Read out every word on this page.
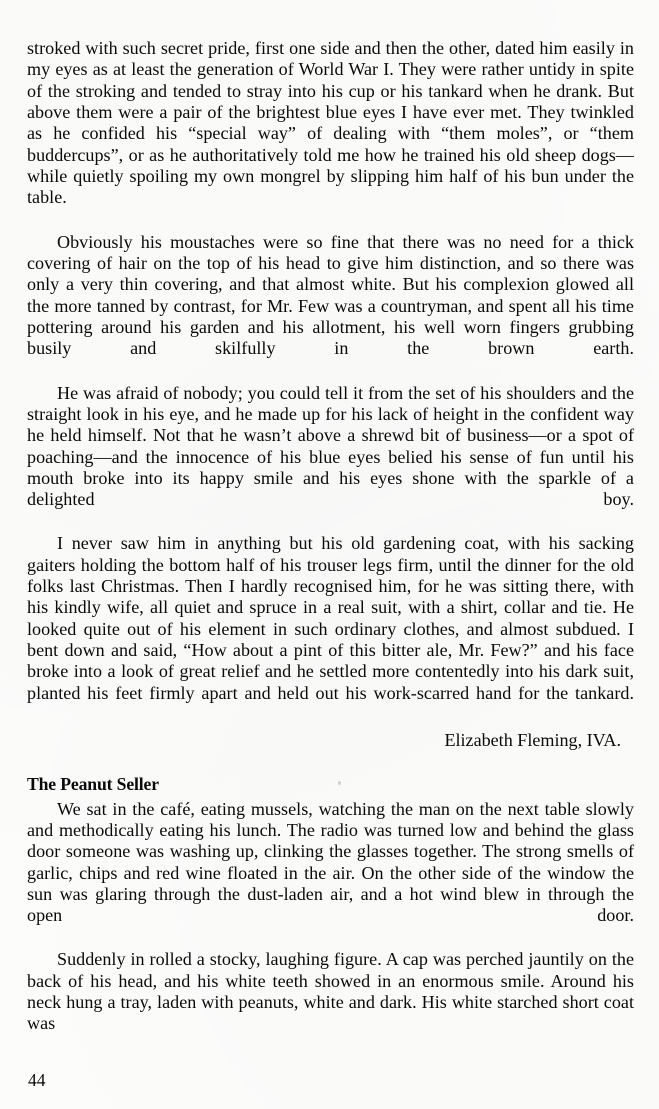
stroked with such secret pride, first one side and then the other, dated him easily in my eyes as at least the generation of World War I. They were rather untidy in spite of the stroking and tended to stray into his cup or his tankard when he drank. But above them were a pair of the brightest blue eyes I have ever met. They twinkled as he confided his “special way” of dealing with “them moles”, or “them buddercups”, or as he authoritatively told me how he trained his old sheep dogs—while quietly spoiling my own mongrel by slipping him half of his bun under the table.

Obviously his moustaches were so fine that there was no need for a thick covering of hair on the top of his head to give him distinction, and so there was only a very thin covering, and that almost white. But his complexion glowed all the more tanned by contrast, for Mr. Few was a countryman, and spent all his time pottering around his garden and his allotment, his well worn fingers grubbing busily and skilfully in the brown earth.

He was afraid of nobody; you could tell it from the set of his shoulders and the straight look in his eye, and he made up for his lack of height in the confident way he held himself. Not that he wasn’t above a shrewd bit of business—or a spot of poaching—and the innocence of his blue eyes belied his sense of fun until his mouth broke into its happy smile and his eyes shone with the sparkle of a delighted boy.

I never saw him in anything but his old gardening coat, with his sacking gaiters holding the bottom half of his trouser legs firm, until the dinner for the old folks last Christmas. Then I hardly recognised him, for he was sitting there, with his kindly wife, all quiet and spruce in a real suit, with a shirt, collar and tie. He looked quite out of his element in such ordinary clothes, and almost subdued. I bent down and said, “How about a pint of this bitter ale, Mr. Few?” and his face broke into a look of great relief and he settled more contentedly into his dark suit, planted his feet firmly apart and held out his work-scarred hand for the tankard.

Elizabeth Fleming, IVA.

The Peanut Seller

We sat in the café, eating mussels, watching the man on the next table slowly and methodically eating his lunch. The radio was turned low and behind the glass door someone was washing up, clinking the glasses together. The strong smells of garlic, chips and red wine floated in the air. On the other side of the window the sun was glaring through the dust-laden air, and a hot wind blew in through the open door.

Suddenly in rolled a stocky, laughing figure. A cap was perched jauntily on the back of his head, and his white teeth showed in an enormous smile. Around his neck hung a tray, laden with peanuts, white and dark. His white starched short coat was

44
